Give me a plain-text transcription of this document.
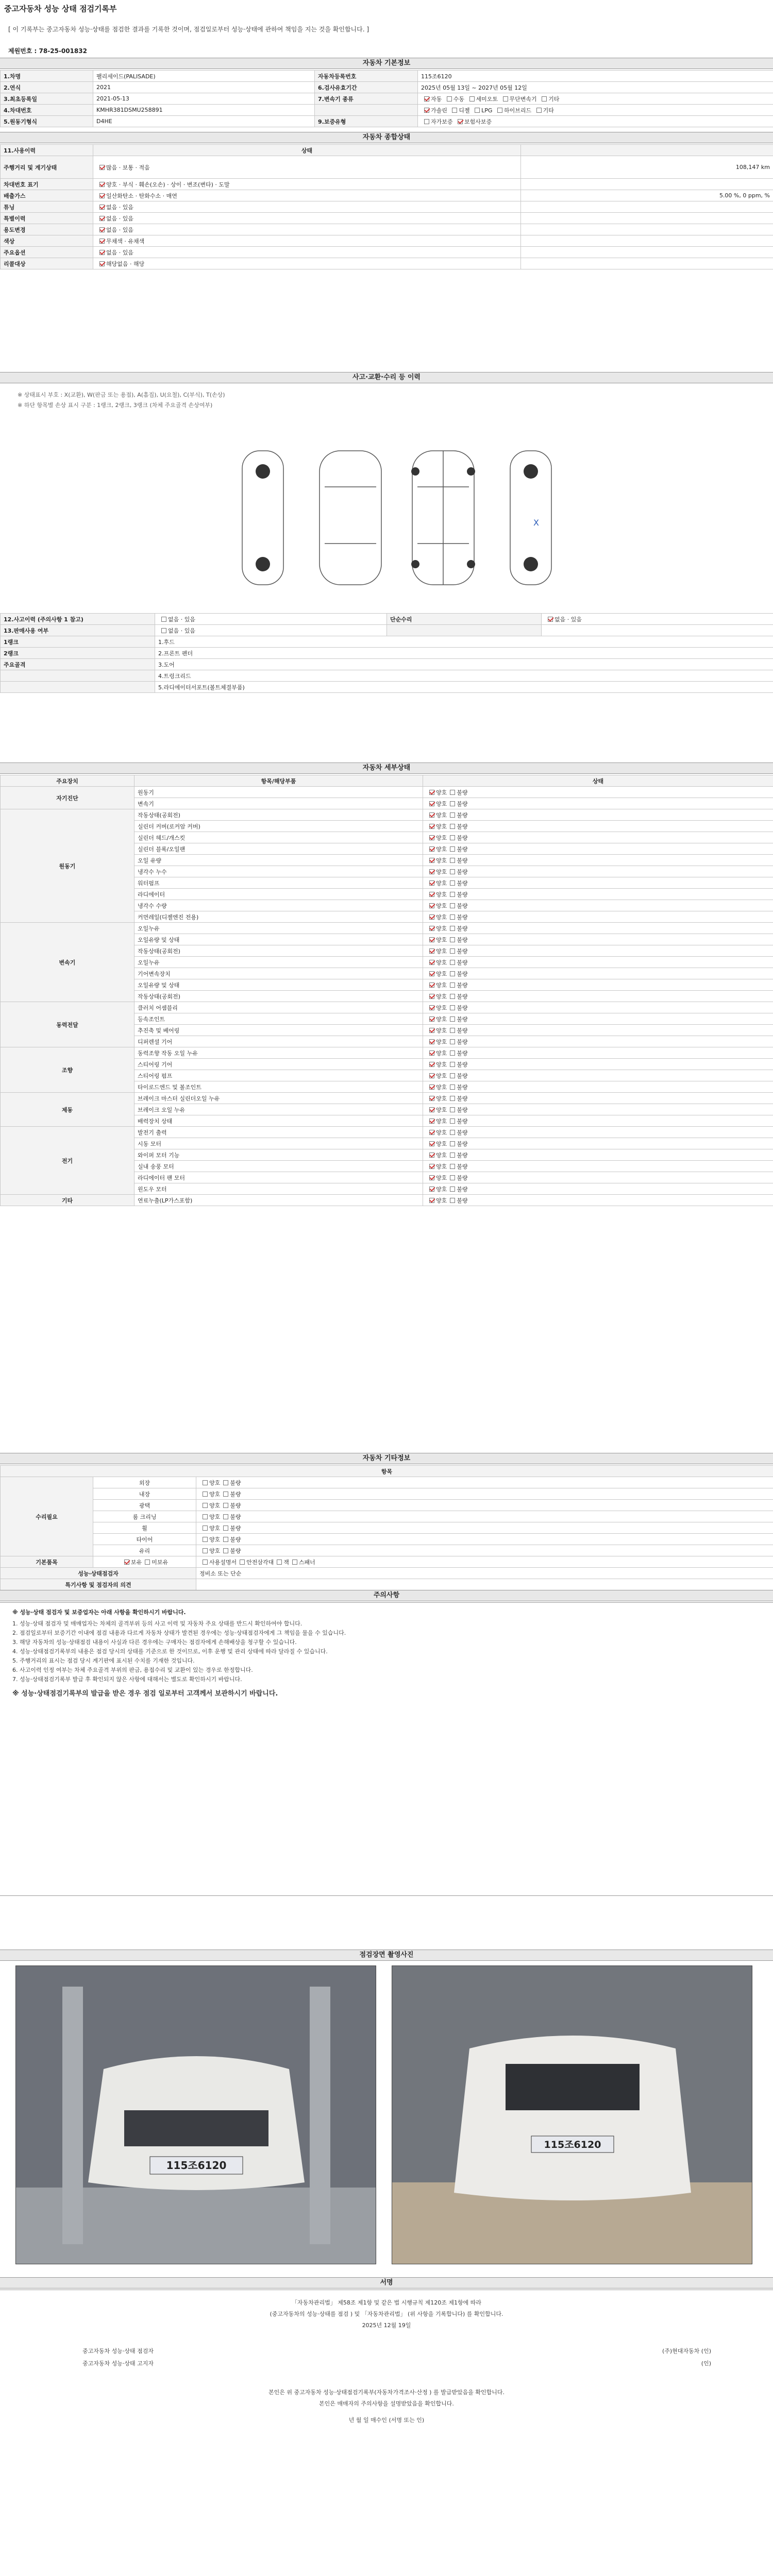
중고자동차 성능 상태 점검기록부
[ 이 기록부는 중고자동차 성능·상태를 점검한 결과를 기록한 것이며, 점검일로부터 성능·상태에 관하여 책임을 지는 것을 확인합니다. ]
제원번호 : 78-25-001832
자동차 기본정보
1.차명	팰리세이드(PALISADE)	자동차등록번호	115조6120
2.연식	2021	6.검사유효기간	2025년 05월 13일 ~ 2027년 05월 12일
3.최초등록일	2021-05-13	7.변속기 종류	자동 수동 세미오토 무단변속기 기타
4.차대번호	KMHR381DSMU258891		가솔린 디젤 LPG 하이브리드 기타
5.원동기형식	D4HE	9.보증유형	자가보증 보험사보증
자동차 종합상태
11.사용이력	상태	
주행거리 및 계기상태	많음 · 보통 · 적음	108,147 km
차대번호 표기	양호 · 부식 · 훼손(오손) · 상이 · 변조(변타) · 도말	
배출가스	일산화탄소 · 탄화수소 · 매연	5.00 %, 0 ppm, %
튜닝	없음 · 있음	
특별이력	없음 · 있음	
용도변경	없음 · 있음	
색상	무채색 · 유채색	
주요옵션	없음 · 있음	
리콜대상	해당없음 · 해당	
사고·교환·수리 등 이력
※ 상태표시 부호 : X(교환), W(판금 또는 용접), A(흠집), U(요철), C(부식), T(손상)
※ 하단 항목별 손상 표시 구분 : 1랭크, 2랭크, 3랭크 (차체 주요골격 손상여부)
X
12.사고이력 (주의사항 1 참고)	없음 · 있음	단순수리	없음 · 있음
13.판매사용 여부	없음 · 있음		
1랭크	1.후드		
2랭크	2.프론트 펜더		
주요골격	3.도어		
	4.트렁크리드		
	5.라디에이터서포트(볼트체결부품)		
자동차 세부상태
주요장치	항목/해당부품	상태
자기진단	원동기	양호 불량
	변속기	양호 불량
원동기	작동상태(공회전)	양호 불량
	실린더 커버(로커암 커버)	양호 불량
	실린더 헤드/개스킷	양호 불량
	실린더 블록/오일팬	양호 불량
	오일 유량	양호 불량
	냉각수 누수	양호 불량
	워터펌프	양호 불량
	라디에이터	양호 불량
	냉각수 수량	양호 불량
	커먼레일(디젤엔진 전용)	양호 불량
변속기	오일누유	양호 불량
	오일유량 및 상태	양호 불량
	작동상태(공회전)	양호 불량
	오일누유	양호 불량
	기어변속장치	양호 불량
	오일유량 및 상태	양호 불량
	작동상태(공회전)	양호 불량
동력전달	클러치 어셈블리	양호 불량
	등속조인트	양호 불량
	추진축 및 베어링	양호 불량
	디퍼렌셜 기어	양호 불량
조향	동력조향 작동 오일 누유	양호 불량
	스티어링 기어	양호 불량
	스티어링 펌프	양호 불량
	타이로드엔드 및 볼조인트	양호 불량
제동	브레이크 마스터 실린더오일 누유	양호 불량
	브레이크 오일 누유	양호 불량
	배력장치 상태	양호 불량
전기	발전기 출력	양호 불량
	시동 모터	양호 불량
	와이퍼 모터 기능	양호 불량
	실내 송풍 모터	양호 불량
	라디에이터 팬 모터	양호 불량
	윈도우 모터	양호 불량
기타	연료누출(LP가스포함)	양호 불량
자동차 기타정보
항목		
수리필요	외장	양호 불량
	내장	양호 불량
	광택	양호 불량
	룸 크리닝	양호 불량
	휠	양호 불량
	타이어	양호 불량
	유리	양호 불량
기본품목	보유 미보유	사용설명서 안전삼각대 잭 스패너
성능·상태점검자		정비소 또는 단순
특기사항 및 점검자의 의견		
주의사항
※ 성능·상태 점검자 및 보증업자는 아래 사항을 확인하시기 바랍니다.
1. 성능·상태 점검자 및 매매업자는 차체의 골격부위 등의 사고 이력 및 자동차 주요 상태를 반드시 확인하여야 합니다.
2. 점검일로부터 보증기간 이내에 점검 내용과 다르게 자동차 상태가 발견된 경우에는 성능·상태점검자에게 그 책임을 물을 수 있습니다.
3. 해당 자동차의 성능·상태점검 내용이 사실과 다른 경우에는 구매자는 점검자에게 손해배상을 청구할 수 있습니다.
4. 성능·상태점검기록부의 내용은 점검 당시의 상태를 기준으로 한 것이므로, 이후 운행 및 관리 상태에 따라 달라질 수 있습니다.
5. 주행거리의 표시는 점검 당시 계기판에 표시된 수치를 기재한 것입니다.
6. 사고이력 인정 여부는 차체 주요골격 부위의 판금, 용접수리 및 교환이 있는 경우로 한정합니다.
7. 성능·상태점검기록부 발급 후 확인되지 않은 사항에 대해서는 별도로 확인하시기 바랍니다.
※ 성능·상태점검기록부의 발급을 받은 경우 점검 일로부터 고객께서 보관하시기 바랍니다.
점검장면 촬영사진
115조6120
115조6120
서명

「자동차관리법」 제58조 제1항 및 같은 법 시행규칙 제120조 제1항에 따라

(중고자동차의 성능·상태를 점검 ) 및 「자동차관리법」 (위 사항을 기록합니다) 를 확인합니다.

2025년 12월 19일

중고자동차 성능·상태 점검자	(주)현대자동차 (인)
중고자동차 성능·상태 고지자	(인)
본인은 위 중고자동차 성능·상태점검기록부(자동차가격조사·산정 ) 를 발급받았음을 확인합니다.
본인은 매매자의 주의사항을 설명받았음을 확인합니다.
년 월 일 매수인 (서명 또는 인)
